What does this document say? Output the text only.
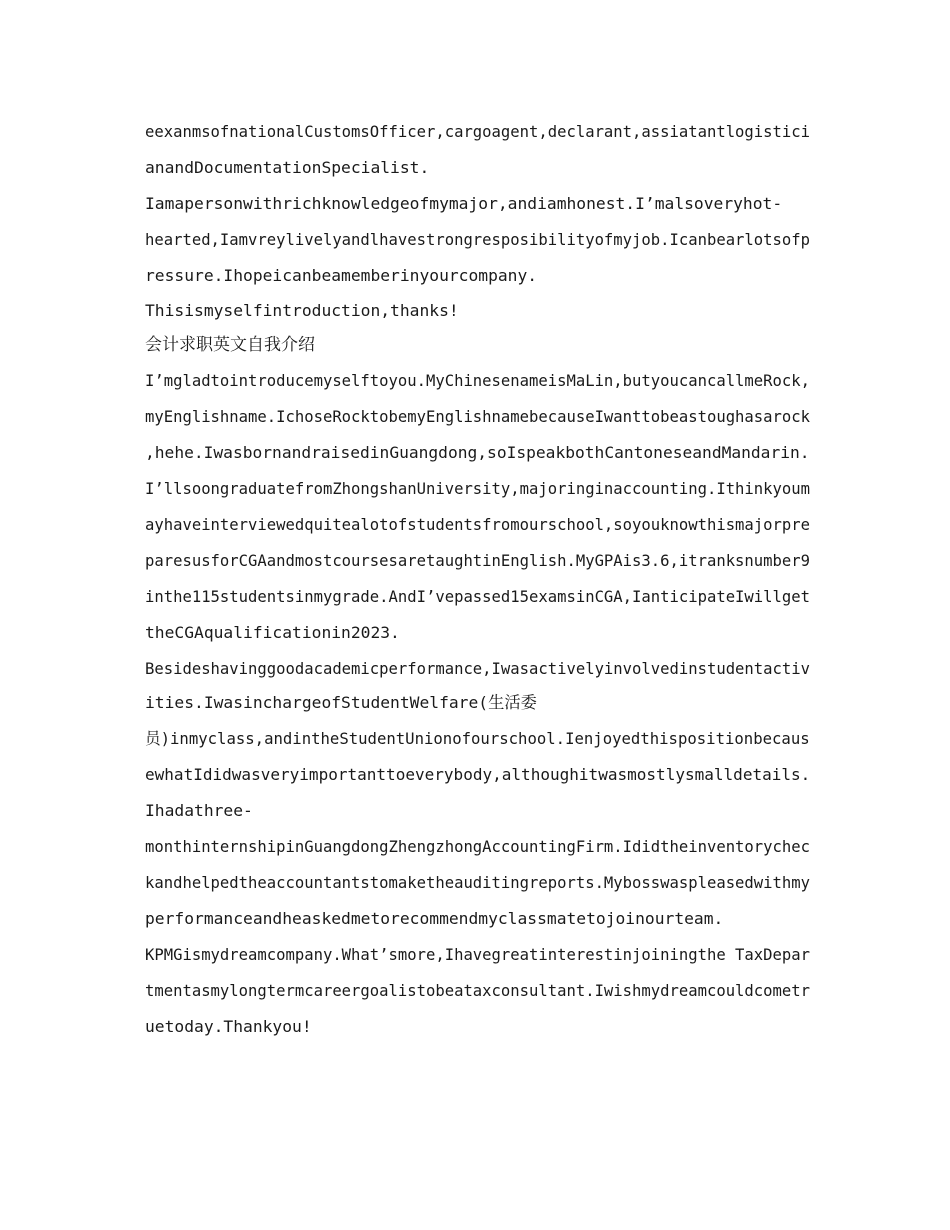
eexanmsofnationalCustomsOfficer,cargoagent,declarant,assiatantlogistici

anandDocumentationSpecialist.

Iamapersonwithrichknowledgeofmymajor,andiamhonest.I’malsoveryhot-

hearted,Iamvreylivelyandlhavestrongresposibilityofmyjob.Icanbearlotsofp

ressure.Ihopeicanbeamemberinyourcompany.

Thisismyselfintroduction,thanks!

会计求职英文自我介绍

I’mgladtointroducemyselftoyou.MyChinesenameisMaLin,butyoucancallmeRock,

myEnglishname.IchoseRocktobemyEnglishnamebecauseIwanttobeastoughasarock

,hehe.IwasbornandraisedinGuangdong,soIspeakbothCantoneseandMandarin.

I’llsoongraduatefromZhongshanUniversity,majoringinaccounting.Ithinkyoum

ayhaveinterviewedquitealotofstudentsfromourschool,soyouknowthismajorpre

paresusforCGAandmostcoursesaretaughtinEnglish.MyGPAis3.6,itranksnumber9

inthe115studentsinmygrade.AndI’vepassed15examsinCGA,IanticipateIwillget

theCGAqualificationin2023.

Besideshavinggoodacademicperformance,Iwasactivelyinvolvedinstudentactiv

ities.IwasinchargeofStudentWelfare(生活委

员)inmyclass,andintheStudentUnionofourschool.Ienjoyedthispositionbecaus

ewhatIdidwasveryimportanttoeverybody,althoughitwasmostlysmalldetails.

Ihadathree-

monthinternshipinGuangdongZhengzhongAccountingFirm.Ididtheinventorychec

kandhelpedtheaccountantstomaketheauditingreports.Mybosswaspleasedwithmy

performanceandheaskedmetorecommendmyclassmatetojoinourteam.

KPMGismydreamcompany.What’smore,Ihavegreatinterestinjoiningthe TaxDepar

tmentasmylongtermcareergoalistobeataxconsultant.Iwishmydreamcouldcometr

uetoday.Thankyou!
